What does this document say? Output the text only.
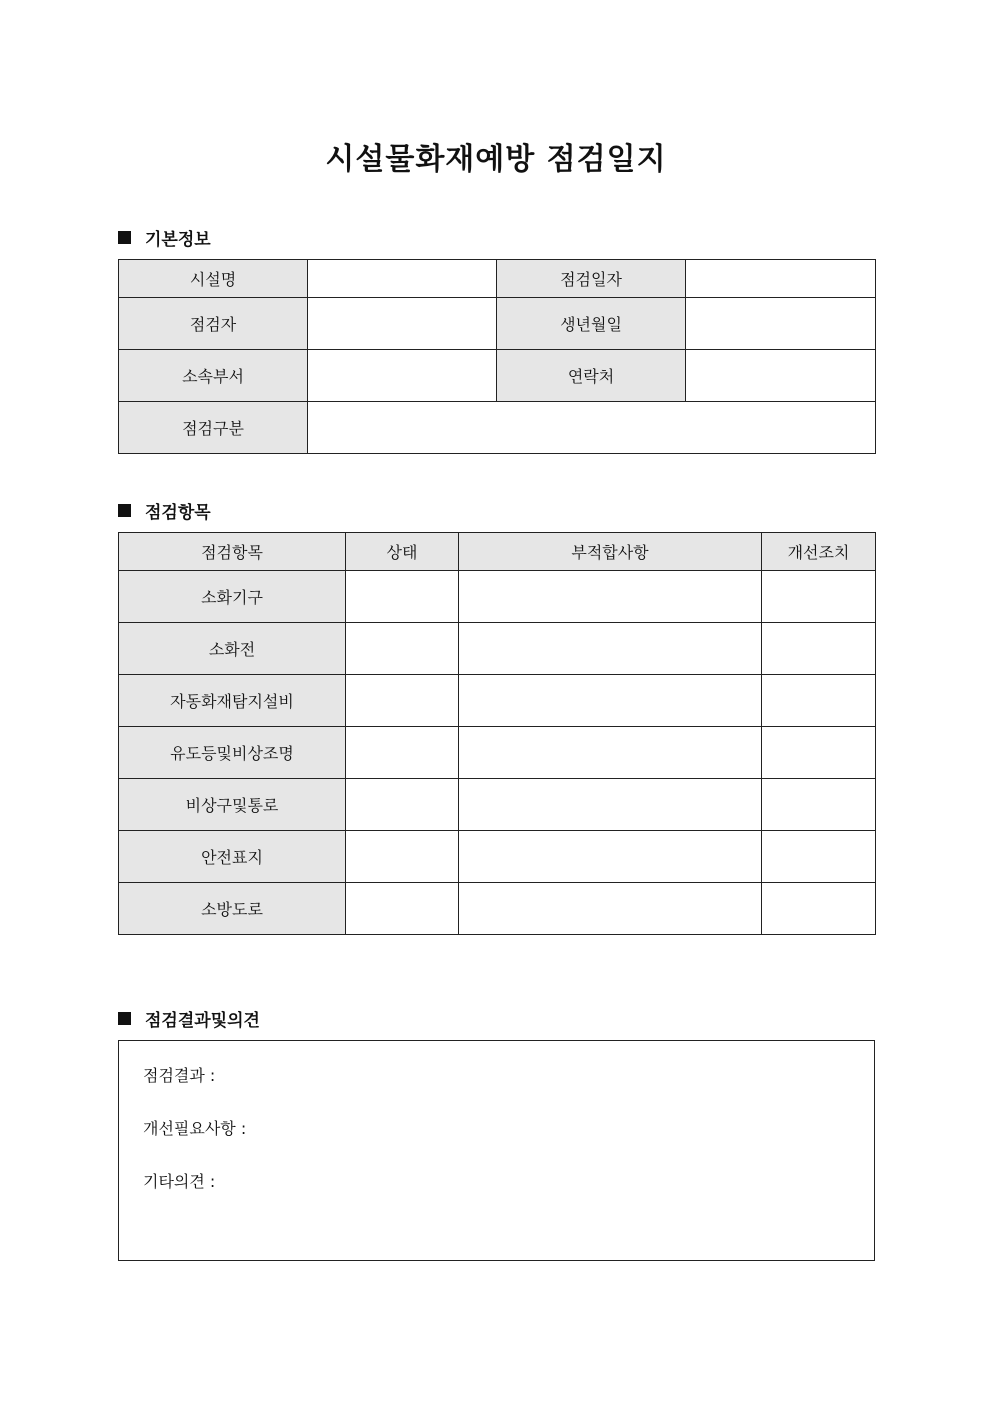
시설물화재예방 점검일지
기본정보
시설명		점검일자	
점검자		생년월일	
소속부서		연락처	
점검구분			
점검항목
점검항목	상태	부적합사항	개선조치
소화기구			
소화전			
자동화재탐지설비			
유도등및비상조명			
비상구및통로			
안전표지			
소방도로			
점검결과및의견
점검결과 :
개선필요사항 :
기타의견 :
